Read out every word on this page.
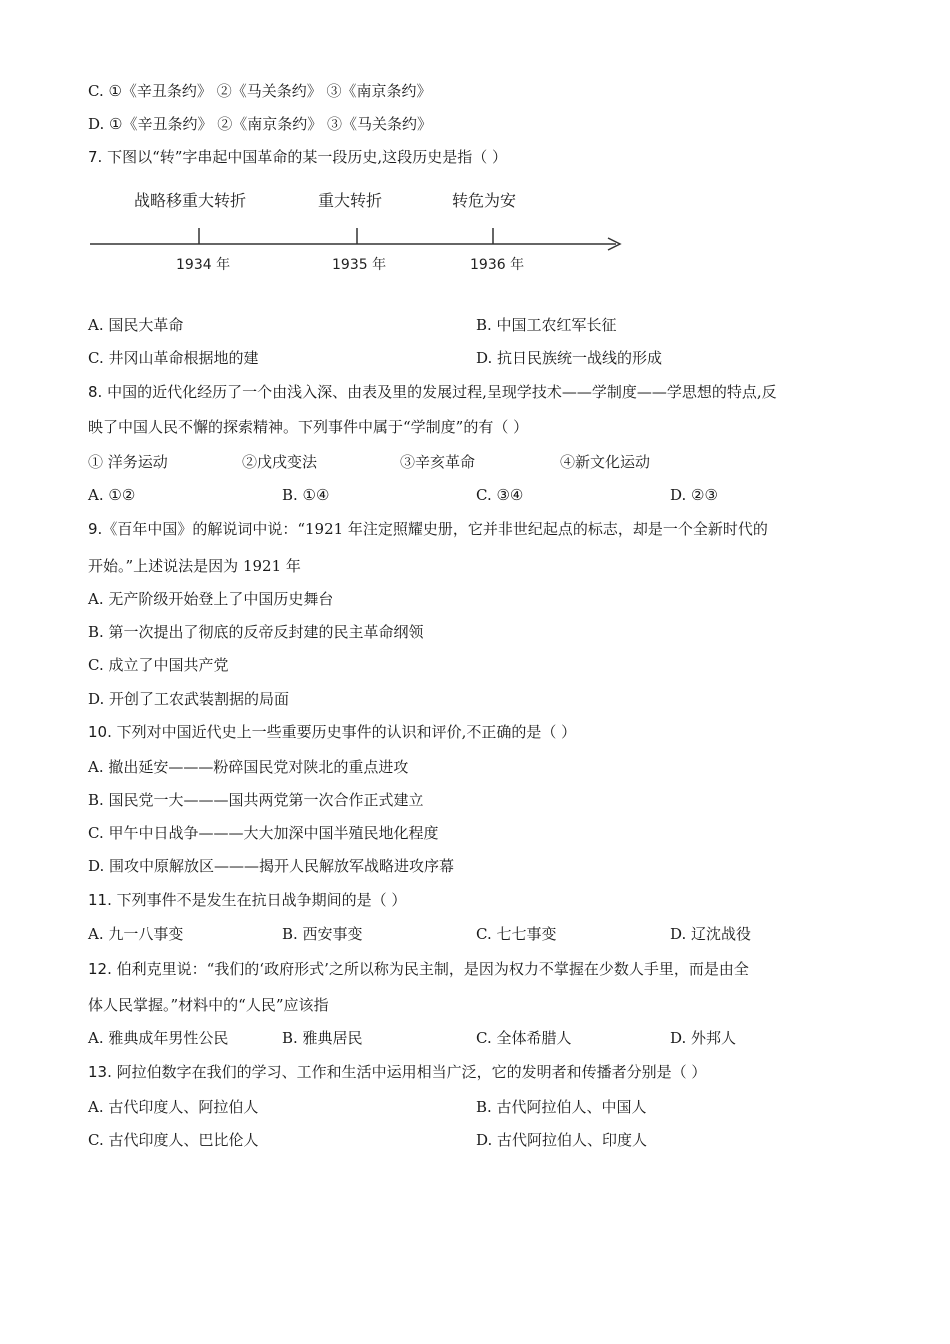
C. ①《辛丑条约》 ②《马关条约》 ③《南京条约》
D. ①《辛丑条约》 ②《南京条约》 ③《马关条约》
7. 下图以“转”字串起中国革命的某一段历史,这段历史是指（ ）
战略移重大转折	重大转折	转危为安
1934 年	1935 年	1936 年
A. 国民大革命	B. 中国工农红军长征
C. 井冈山革命根据地的建	D. 抗日民族统一战线的形成
8. 中国的近代化经历了一个由浅入深、由表及里的发展过程,呈现学技术——学制度——学思想的特点,反
映了中国人民不懈的探索精神。下列事件中属于“学制度”的有（ ）
① 洋务运动	②戊戌变法	③辛亥革命	④新文化运动
A. ①②	B. ①④	C. ③④	D. ②③
9.《百年中国》的解说词中说：“1921 年注定照耀史册，它并非世纪起点的标志，却是一个全新时代的
开始。”上述说法是因为 1921 年
A. 无产阶级开始登上了中国历史舞台
B. 第一次提出了彻底的反帝反封建的民主革命纲领
C. 成立了中国共产党
D. 开创了工农武装割据的局面
10. 下列对中国近代史上一些重要历史事件的认识和评价,不正确的是（ ）
A. 撤出延安———粉碎国民党对陕北的重点进攻
B. 国民党一大———国共两党第一次合作正式建立
C. 甲午中日战争———大大加深中国半殖民地化程度
D. 围攻中原解放区———揭开人民解放军战略进攻序幕
11. 下列事件不是发生在抗日战争期间的是（ ）
A. 九一八事变	B. 西安事变	C. 七七事变	D. 辽沈战役
12. 伯利克里说：“我们的‘政府形式’之所以称为民主制，是因为权力不掌握在少数人手里，而是由全
体人民掌握。”材料中的“人民”应该指
A. 雅典成年男性公民	B. 雅典居民	C. 全体希腊人	D. 外邦人
13. 阿拉伯数字在我们的学习、工作和生活中运用相当广泛，它的发明者和传播者分别是（ ）
A. 古代印度人、阿拉伯人	B. 古代阿拉伯人、中国人
C. 古代印度人、巴比伦人	D. 古代阿拉伯人、印度人
